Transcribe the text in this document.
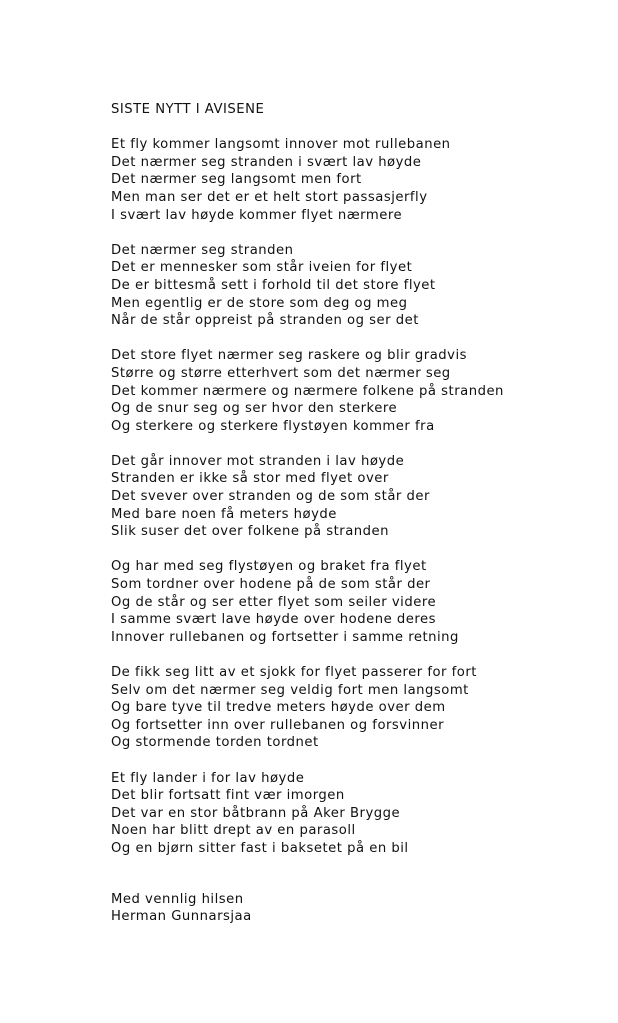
SISTE NYTT I AVISENE
Et fly kommer langsomt innover mot rullebanen
Det nærmer seg stranden i svært lav høyde
Det nærmer seg langsomt men fort
Men man ser det er et helt stort passasjerfly
I svært lav høyde kommer flyet nærmere
Det nærmer seg stranden
Det er mennesker som står iveien for flyet
De er bittesmå sett i forhold til det store flyet
Men egentlig er de store som deg og meg
Når de står oppreist på stranden og ser det
Det store flyet nærmer seg raskere og blir gradvis
Større og større etterhvert som det nærmer seg
Det kommer nærmere og nærmere folkene på stranden
Og de snur seg og ser hvor den sterkere
Og sterkere og sterkere flystøyen kommer fra
Det går innover mot stranden i lav høyde
Stranden er ikke så stor med flyet over
Det svever over stranden og de som står der
Med bare noen få meters høyde
Slik suser det over folkene på stranden
Og har med seg flystøyen og braket fra flyet
Som tordner over hodene på de som står der
Og de står og ser etter flyet som seiler videre
I samme svært lave høyde over hodene deres
Innover rullebanen og fortsetter i samme retning
De fikk seg litt av et sjokk for flyet passerer for fort
Selv om det nærmer seg veldig fort men langsomt
Og bare tyve til tredve meters høyde over dem
Og fortsetter inn over rullebanen og forsvinner
Og stormende torden tordnet
Et fly lander i for lav høyde
Det blir fortsatt fint vær imorgen
Det var en stor båtbrann på Aker Brygge
Noen har blitt drept av en parasoll
Og en bjørn sitter fast i baksetet på en bil
Med vennlig hilsen
Herman Gunnarsjaa
